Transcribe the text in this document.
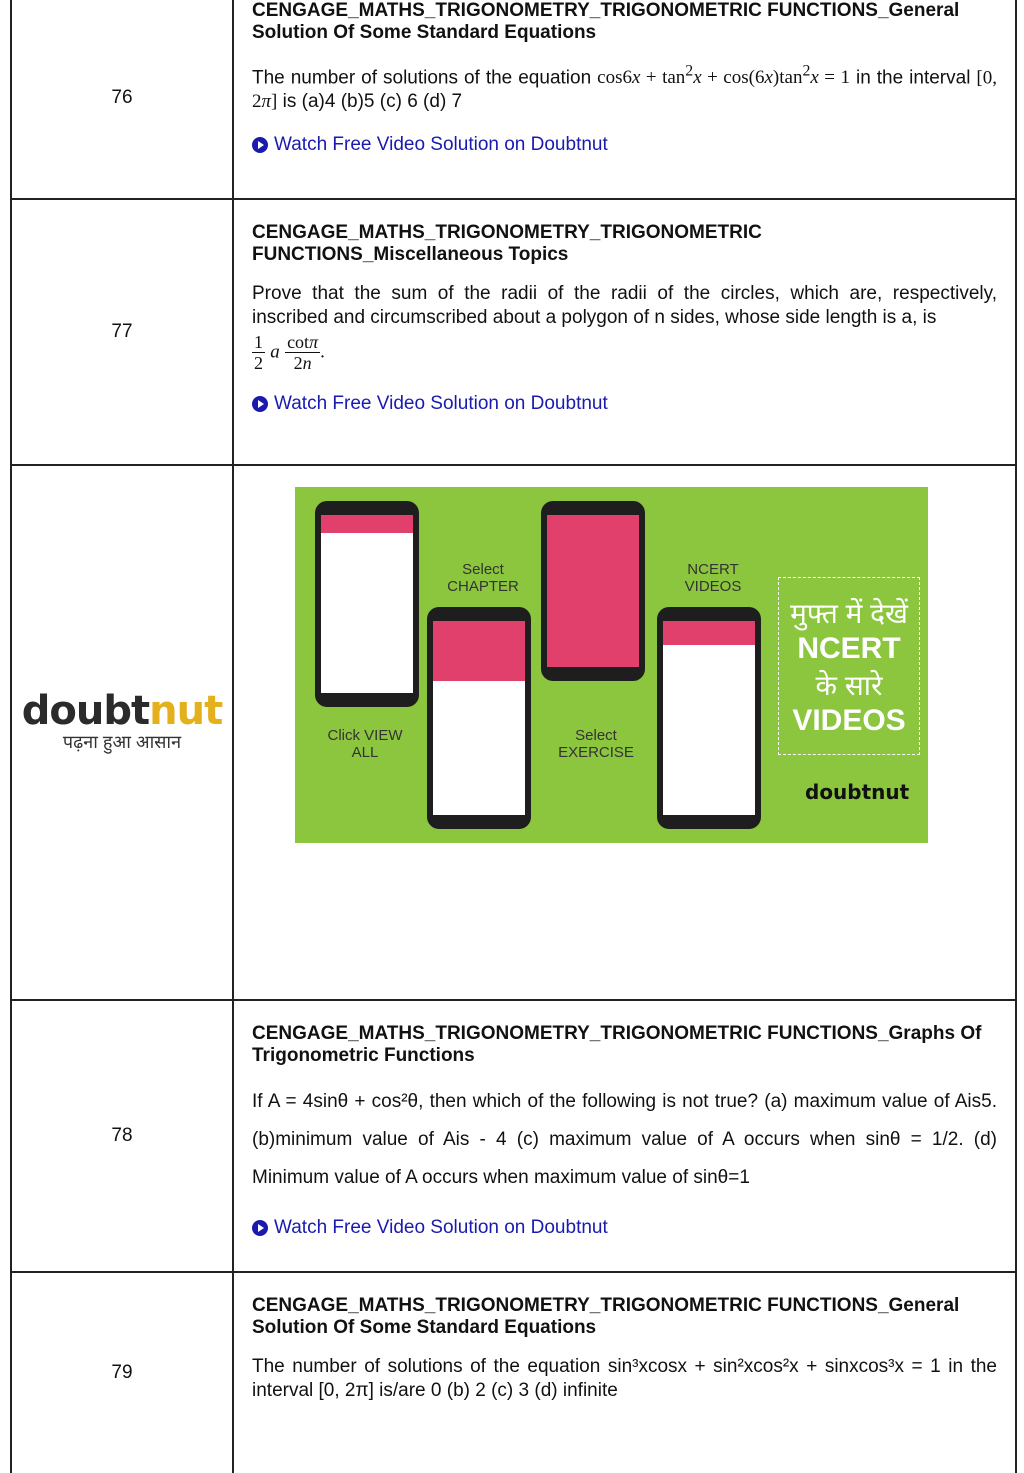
76
CENGAGE_MATHS_TRIGONOMETRY_TRIGONOMETRIC FUNCTIONS_General Solution Of Some Standard Equations
The number of solutions of the equation $\cos 6x + \tan^2x + \cos(6x)\tan^2x = 1$ in the interval [0, 2π] is (a)4 (b)5 (c) 6 (d) 7
Watch Free Video Solution on Doubtnut
77
CENGAGE_MATHS_TRIGONOMETRY_TRIGONOMETRIC FUNCTIONS_Miscellaneous Topics
Prove that the sum of the radii of the radii of the circles, which are, respectively, inscribed and circumscribed about a polygon of n sides, whose side length is a, is
$\frac{1}{2}$ a $\frac{\cot\pi}{2n}$ .
Watch Free Video Solution on Doubtnut
doubtnut
पढ़ना हुआ आसान
78
CENGAGE_MATHS_TRIGONOMETRY_TRIGONOMETRIC FUNCTIONS_Graphs Of Trigonometric Functions
If A = 4sinθ + cos²θ, then which of the following is not true? (a) maximum value of Ais5. (b)minimum value of Ais - 4 (c) maximum value of A occurs when sinθ = 1/2. (d) Minimum value of A occurs when maximum value of sinθ=1
Watch Free Video Solution on Doubtnut
79
CENGAGE_MATHS_TRIGONOMETRY_TRIGONOMETRIC FUNCTIONS_General Solution Of Some Standard Equations
The number of solutions of the equation sin³xcosx + sin²xcos²x + sinxcos³x = 1 in the interval [0, 2π] is/are 0 (b) 2 (c) 3 (d) infinite
Select CHAPTER
NCERT VIDEOS
Click VIEW ALL
Select EXERCISE
मुफ्त में देखें
NCERT
के सारे
VIDEOS
doubtnut
